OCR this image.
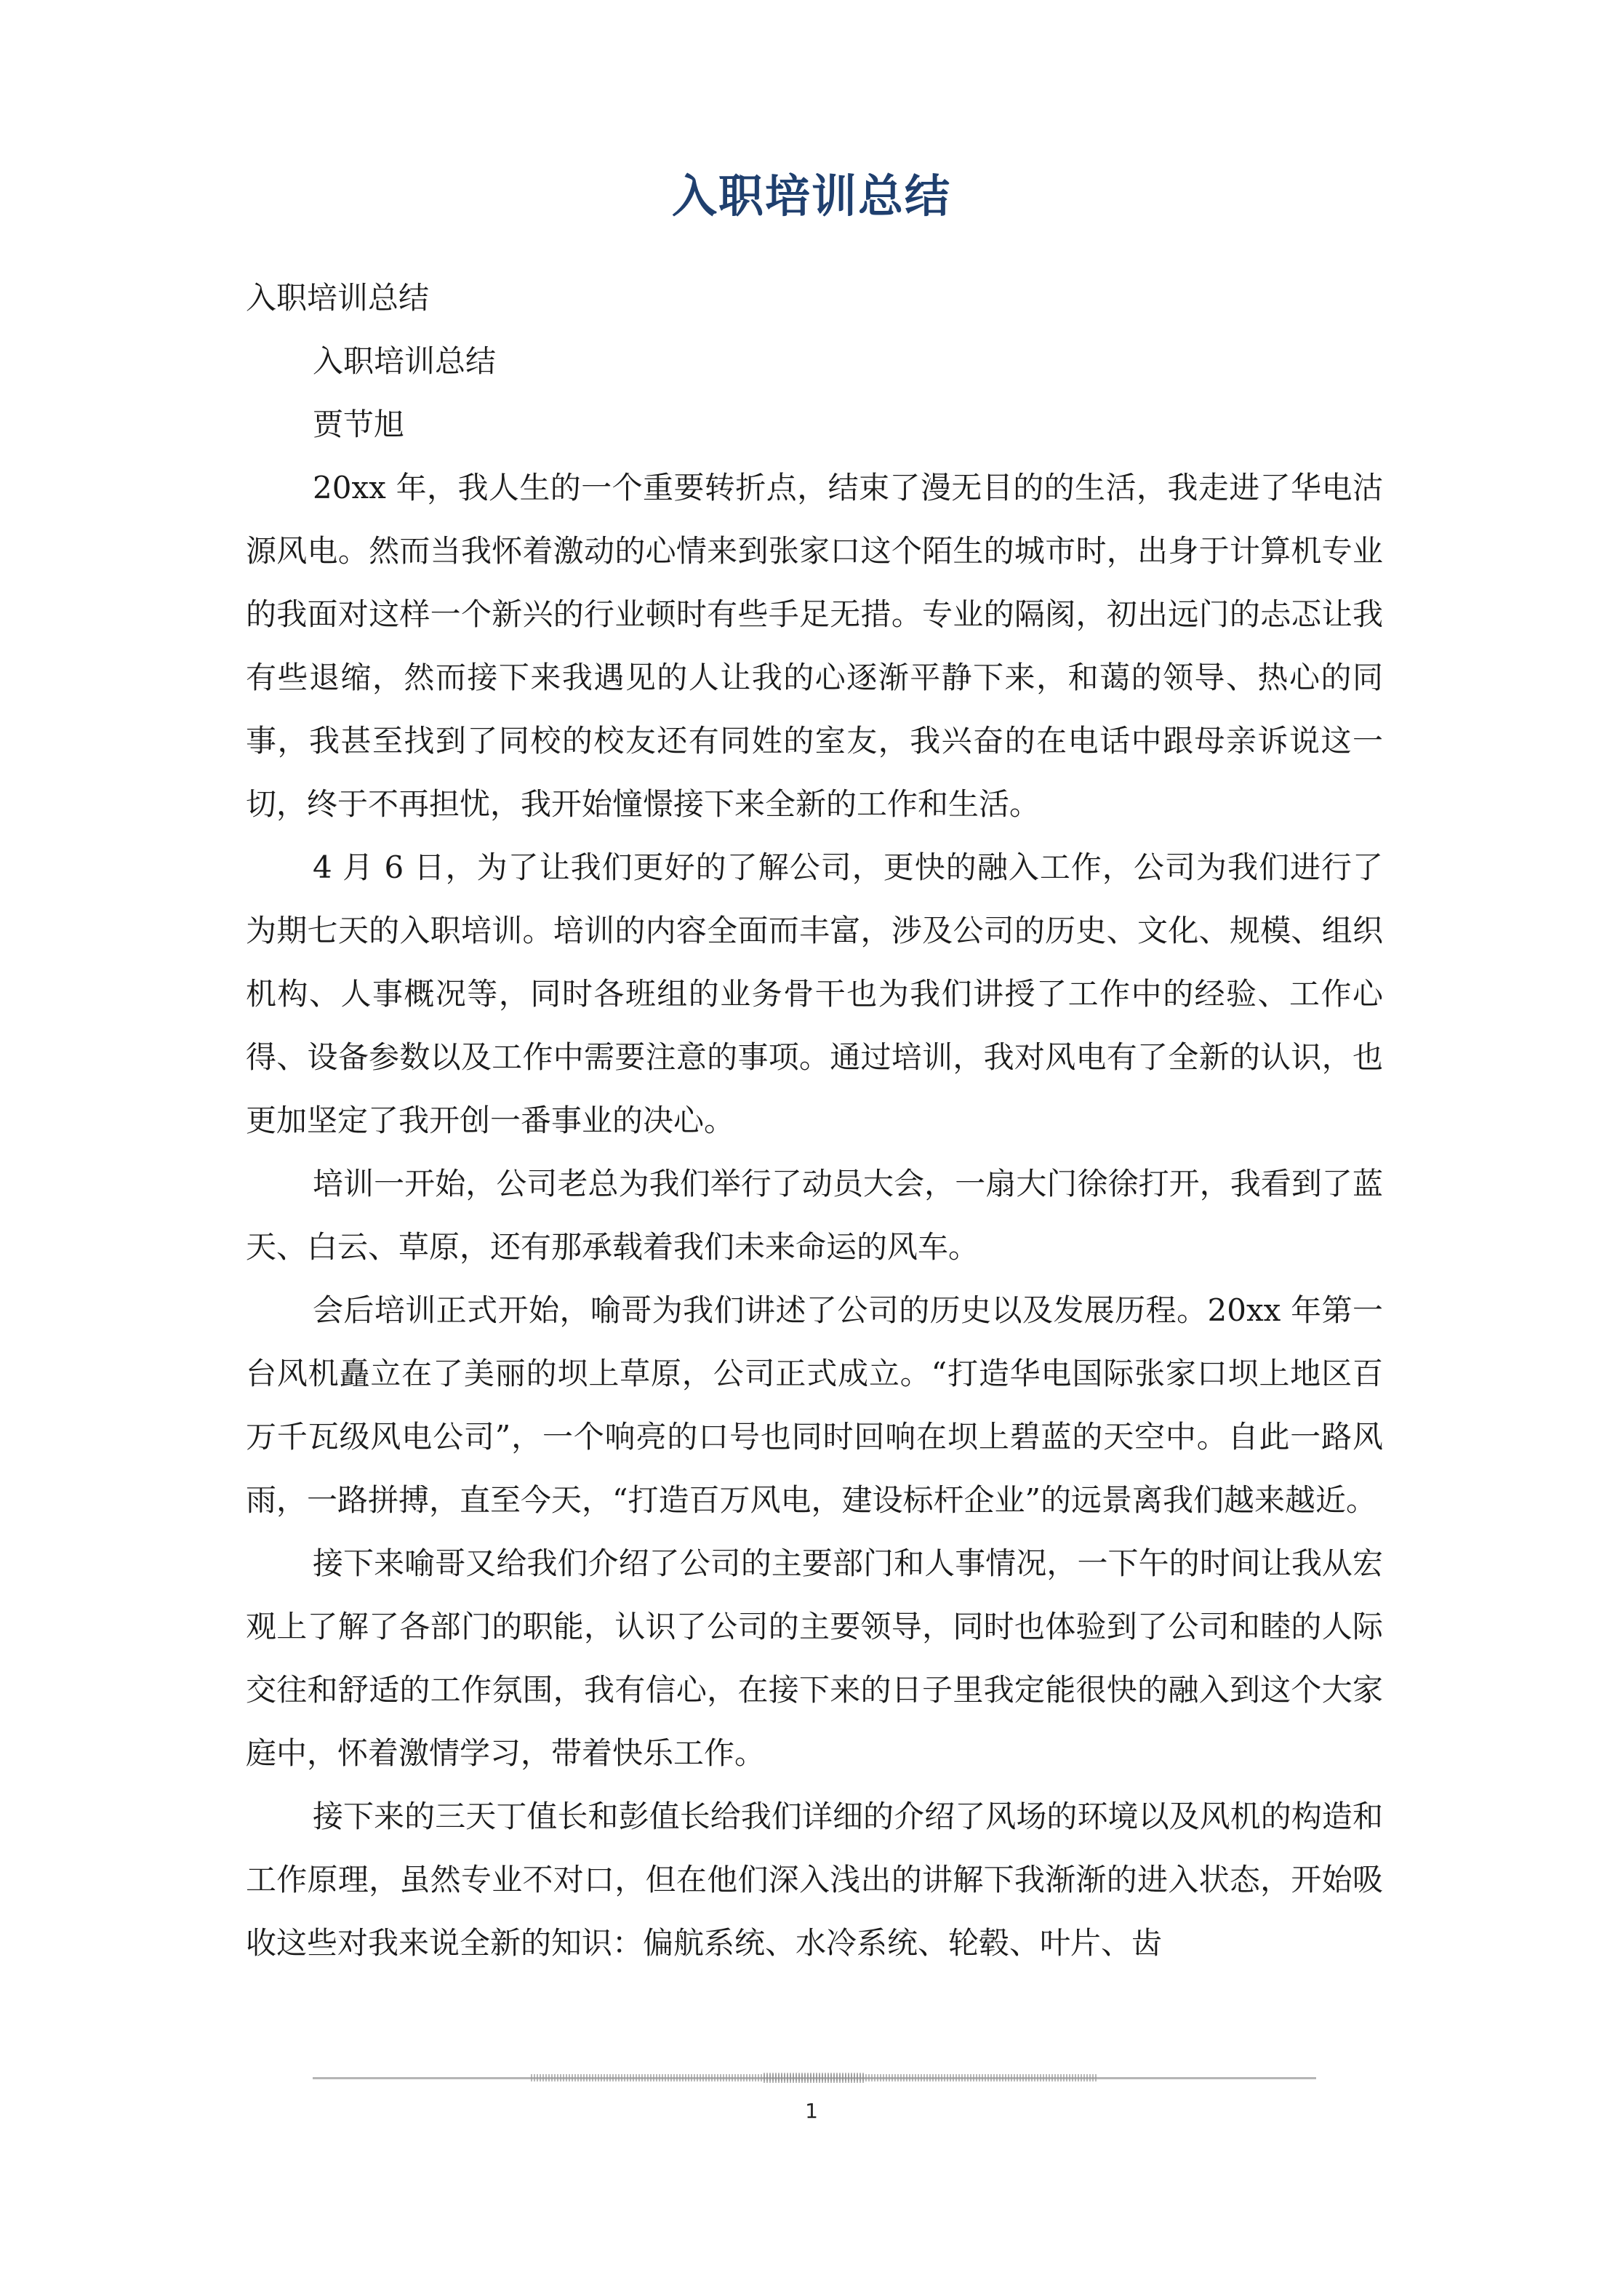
入职培训总结

入职培训总结

入职培训总结

贾节旭

20xx 年，我人生的一个重要转折点，结束了漫无目的的生活，我走进了华电沽源风电。然而当我怀着激动的心情来到张家口这个陌生的城市时，出身于计算机专业的我面对这样一个新兴的行业顿时有些手足无措。专业的隔阂，初出远门的忐忑让我有些退缩，然而接下来我遇见的人让我的心逐渐平静下来，和蔼的领导、热心的同事，我甚至找到了同校的校友还有同姓的室友，我兴奋的在电话中跟母亲诉说这一切，终于不再担忧，我开始憧憬接下来全新的工作和生活。

4 月 6 日，为了让我们更好的了解公司，更快的融入工作，公司为我们进行了为期七天的入职培训。培训的内容全面而丰富，涉及公司的历史、文化、规模、组织机构、人事概况等，同时各班组的业务骨干也为我们讲授了工作中的经验、工作心得、设备参数以及工作中需要注意的事项。通过培训，我对风电有了全新的认识，也更加坚定了我开创一番事业的决心。

培训一开始，公司老总为我们举行了动员大会，一扇大门徐徐打开，我看到了蓝天、白云、草原，还有那承载着我们未来命运的风车。

会后培训正式开始，喻哥为我们讲述了公司的历史以及发展历程。20xx 年第一台风机矗立在了美丽的坝上草原，公司正式成立。“打造华电国际张家口坝上地区百万千瓦级风电公司”，一个响亮的口号也同时回响在坝上碧蓝的天空中。自此一路风雨，一路拼搏，直至今天，“打造百万风电，建设标杆企业”的远景离我们越来越近。

接下来喻哥又给我们介绍了公司的主要部门和人事情况，一下午的时间让我从宏观上了解了各部门的职能，认识了公司的主要领导，同时也体验到了公司和睦的人际交往和舒适的工作氛围，我有信心，在接下来的日子里我定能很快的融入到这个大家庭中，怀着激情学习，带着快乐工作。

接下来的三天丁值长和彭值长给我们详细的介绍了风场的环境以及风机的构造和工作原理，虽然专业不对口，但在他们深入浅出的讲解下我渐渐的进入状态，开始吸收这些对我来说全新的知识：偏航系统、水冷系统、轮毂、叶片、齿

1
